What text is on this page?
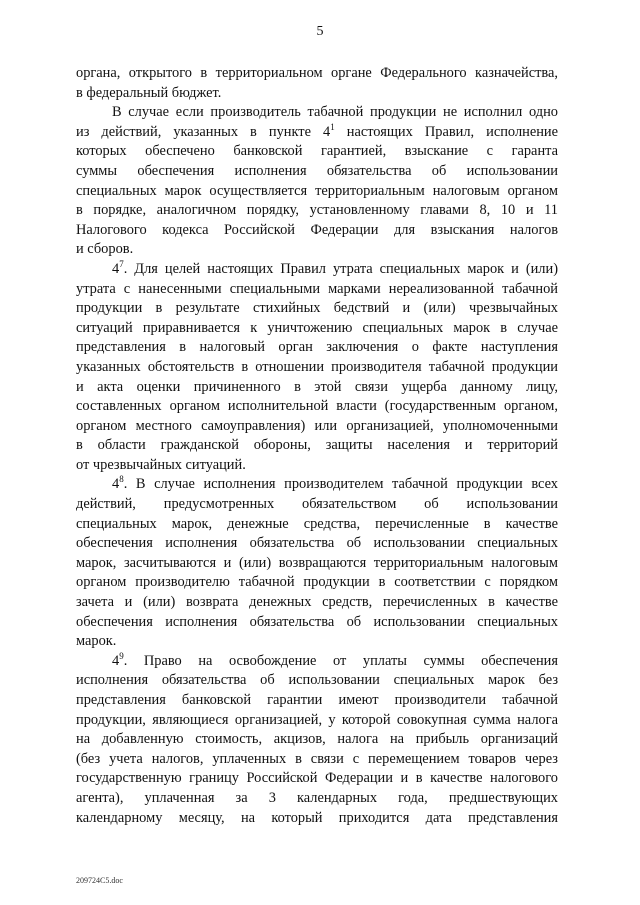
5
органа, открытого в территориальном органе Федерального казначейства,
в федеральный бюджет.
В случае если производитель табачной продукции не исполнил одно
из действий, указанных в пункте $4^1$ настоящих Правил, исполнение
которых обеспечено банковской гарантией, взыскание с гаранта
суммы обеспечения исполнения обязательства об использовании
специальных марок осуществляется территориальным налоговым органом
в порядке, аналогичном порядку, установленному главами 8, 10 и 11
Налогового кодекса Российской Федерации для взыскания налогов
и сборов.
$4^7$. Для целей настоящих Правил утрата специальных марок и (или)
утрата с нанесенными специальными марками нереализованной табачной
продукции в результате стихийных бедствий и (или) чрезвычайных
ситуаций приравнивается к уничтожению специальных марок в случае
представления в налоговый орган заключения о факте наступления
указанных обстоятельств в отношении производителя табачной продукции
и акта оценки причиненного в этой связи ущерба данному лицу,
составленных органом исполнительной власти (государственным органом,
органом местного самоуправления) или организацией, уполномоченными
в области гражданской обороны, защиты населения и территорий
от чрезвычайных ситуаций.
$4^8$. В случае исполнения производителем табачной продукции всех
действий, предусмотренных обязательством об использовании
специальных марок, денежные средства, перечисленные в качестве
обеспечения исполнения обязательства об использовании специальных
марок, засчитываются и (или) возвращаются территориальным налоговым
органом производителю табачной продукции в соответствии с порядком
зачета и (или) возврата денежных средств, перечисленных в качестве
обеспечения исполнения обязательства об использовании специальных
марок.
$4^9$. Право на освобождение от уплаты суммы обеспечения
исполнения обязательства об использовании специальных марок без
представления банковской гарантии имеют производители табачной
продукции, являющиеся организацией, у которой совокупная сумма налога
на добавленную стоимость, акцизов, налога на прибыль организаций
(без учета налогов, уплаченных в связи с перемещением товаров через
государственную границу Российской Федерации и в качестве налогового
агента), уплаченная за 3 календарных года, предшествующих
календарному месяцу, на который приходится дата представления
209724С5.doc
